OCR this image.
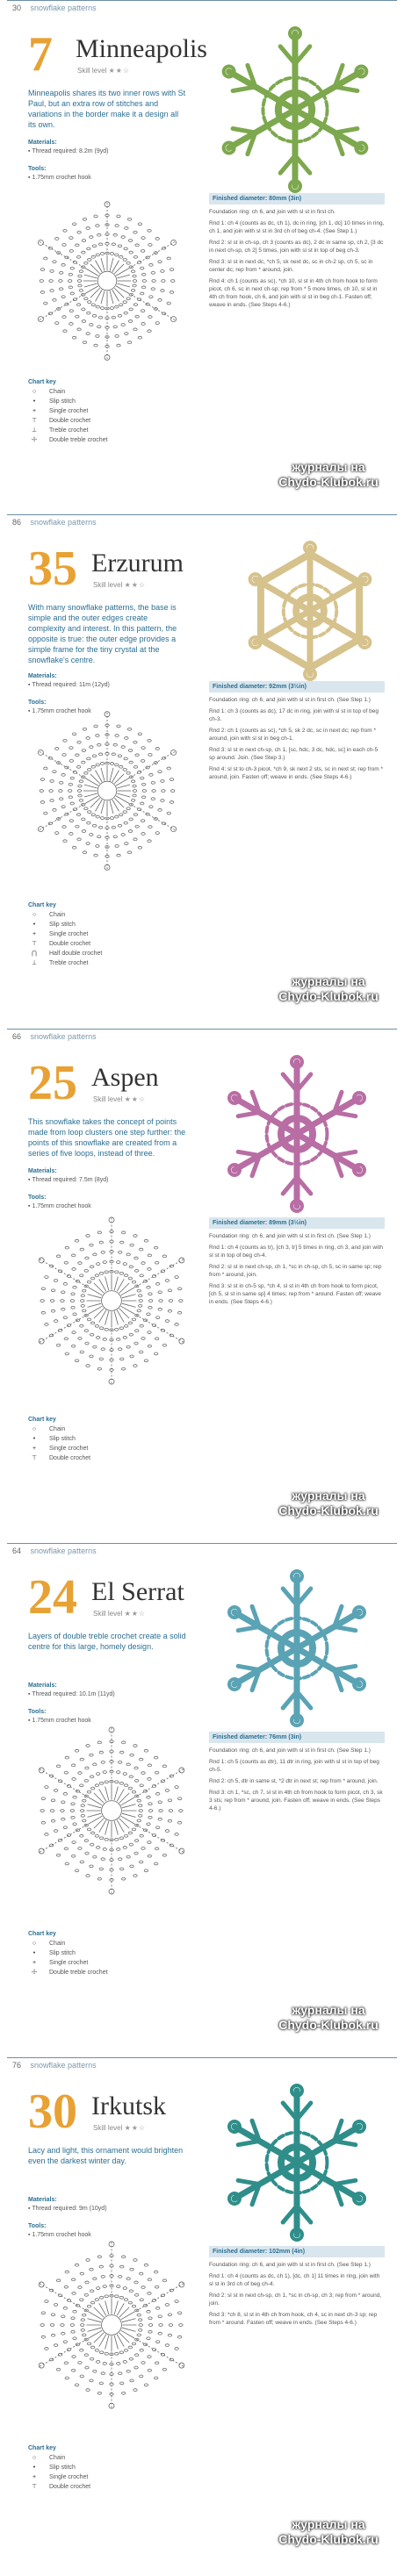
30 snowflake patterns
7 Minneapolis
Skill level ★★☆
Minneapolis shares its two inner rows with St Paul, but an extra row of stitches and variations in the border make it a design all its own.
Materials:
▪ Thread required: 8.2m (9yd)

Tools:
▪ 1.75mm crochet hook
Finished diameter: 80mm (3in)

Foundation ring: ch 6, and join with sl st in first ch.

Rnd 1: ch 4 (counts as dc, ch 1), dc in ring, [ch 1, dc] 10 times in ring, ch 1, and join with sl st in 3rd ch of beg ch-4. (See Step 1.)

Rnd 2: sl st in ch-sp, ch 3 (counts as dc), 2 dc in same sp, ch 2, [3 dc in next ch-sp, ch 2] 5 times, join with sl st in top of beg ch-3.

Rnd 3: sl st in next dc, *ch 5, sk next dc, sc in ch-2 sp, ch 5, sc in center dc; rep from * around, join.

Rnd 4: ch 1 (counts as sc), *ch 10, sl st in 4th ch from hook to form picot, ch 6, sc in next ch-sp; rep from * 5 more times, ch 10, sl st in 4th ch from hook, ch 6, and join with sl st in beg ch-1. Fasten off; weave in ends. (See Steps 4-6.)

Chart key
○	Chain
•	Slip stitch
+	Single crochet
⊤	Double crochet
⊥	Treble crochet
☩	Double treble crochet
журналы на
Chydo-Klubok.ru
86 snowflake patterns
35 Erzurum
Skill level ★★☆
With many snowflake patterns, the base is simple and the outer edges create complexity and interest. In this pattern, the opposite is true: the outer edge provides a simple frame for the tiny crystal at the snowflake's centre.
Materials:
▪ Thread required: 11m (12yd)

Tools:
▪ 1.75mm crochet hook
Finished diameter: 92mm (3½in)

Foundation ring: ch 6, and join with sl st in first ch. (See Step 1.)

Rnd 1: ch 3 (counts as dc), 17 dc in ring, join with sl st in top of beg ch-3.

Rnd 2: ch 1 (counts as sc), *ch 5, sk 2 dc, sc in next dc; rep from * around, join with sl st in beg ch-1.

Rnd 3: sl st in next ch-sp, ch 1, [sc, hdc, 3 dc, hdc, sc] in each ch-5 sp around. Join. (See Step 3.)

Rnd 4: sl st to ch-3 picot, *ch 9, sk next 2 sts, sc in next st; rep from * around, join. Fasten off; weave in ends. (See Steps 4-6.)

Chart key
○	Chain
•	Slip stitch
+	Single crochet
⊤	Double crochet
⋂	Half double crochet
⊥	Treble crochet
журналы на
Chydo-Klubok.ru
66 snowflake patterns
25 Aspen
Skill level ★★☆
This snowflake takes the concept of points made from loop clusters one step further: the points of this snowflake are created from a series of five loops, instead of three.
Materials:
▪ Thread required: 7.5m (8yd)

Tools:
▪ 1.75mm crochet hook
Finished diameter: 89mm (3½in)

Foundation ring: ch 6, and join with sl st in first ch. (See Step 1.)

Rnd 1: ch 4 (counts as tr), [ch 3, tr] 5 times in ring, ch 3, and join with sl st in top of beg ch-4.

Rnd 2: sl st in next ch-sp, ch 1, *sc in ch-sp, ch 5, sc in same sp; rep from * around, join.

Rnd 3: sl st in ch-5 sp, *ch 4, sl st in 4th ch from hook to form picot, [ch 5, sl st in same sp] 4 times; rep from * around. Fasten off; weave in ends. (See Steps 4-6.)

Chart key
○	Chain
•	Slip stitch
+	Single crochet
⊤	Double crochet
журналы на
Chydo-Klubok.ru
64 snowflake patterns
24 El Serrat
Skill level ★★☆
Layers of double treble crochet create a solid centre for this large, homely design.
Materials:
▪ Thread required: 10.1m (11yd)

Tools:
▪ 1.75mm crochet hook
Finished diameter: 76mm (3in)

Foundation ring: ch 6, and join with sl st in first ch. (See Step 1.)

Rnd 1: ch 5 (counts as dtr), 11 dtr in ring, join with sl st in top of beg ch-5.

Rnd 2: ch 5, dtr in same st, *2 dtr in next st; rep from * around, join.

Rnd 3: ch 1, *sc, ch 7, sl st in 4th ch from hook to form picot, ch 3, sk 3 sts; rep from * around, join. Fasten off; weave in ends. (See Steps 4-6.)

Chart key
○	Chain
•	Slip stitch
+	Single crochet
☩	Double treble crochet
журналы на
Chydo-Klubok.ru
76 snowflake patterns
30 Irkutsk
Skill level ★★☆
Lacy and light, this ornament would brighten even the darkest winter day.
Materials:
▪ Thread required: 9m (10yd)

Tools:
▪ 1.75mm crochet hook
Finished diameter: 102mm (4in)

Foundation ring: ch 6, and join with sl st in first ch. (See Step 1.)

Rnd 1: ch 4 (counts as dc, ch 1), [dc, ch 1] 11 times in ring, join with sl st in 3rd ch of beg ch-4.

Rnd 2: sl st in next ch-sp, ch 1, *sc in ch-sp, ch 3; rep from * around, join.

Rnd 3: *ch 8, sl st in 4th ch from hook, ch 4, sc in next ch-3 sp; rep from * around. Fasten off; weave in ends. (See Steps 4-6.)

Chart key
○	Chain
•	Slip stitch
+	Single crochet
⊤	Double crochet
журналы на
Chydo-Klubok.ru
